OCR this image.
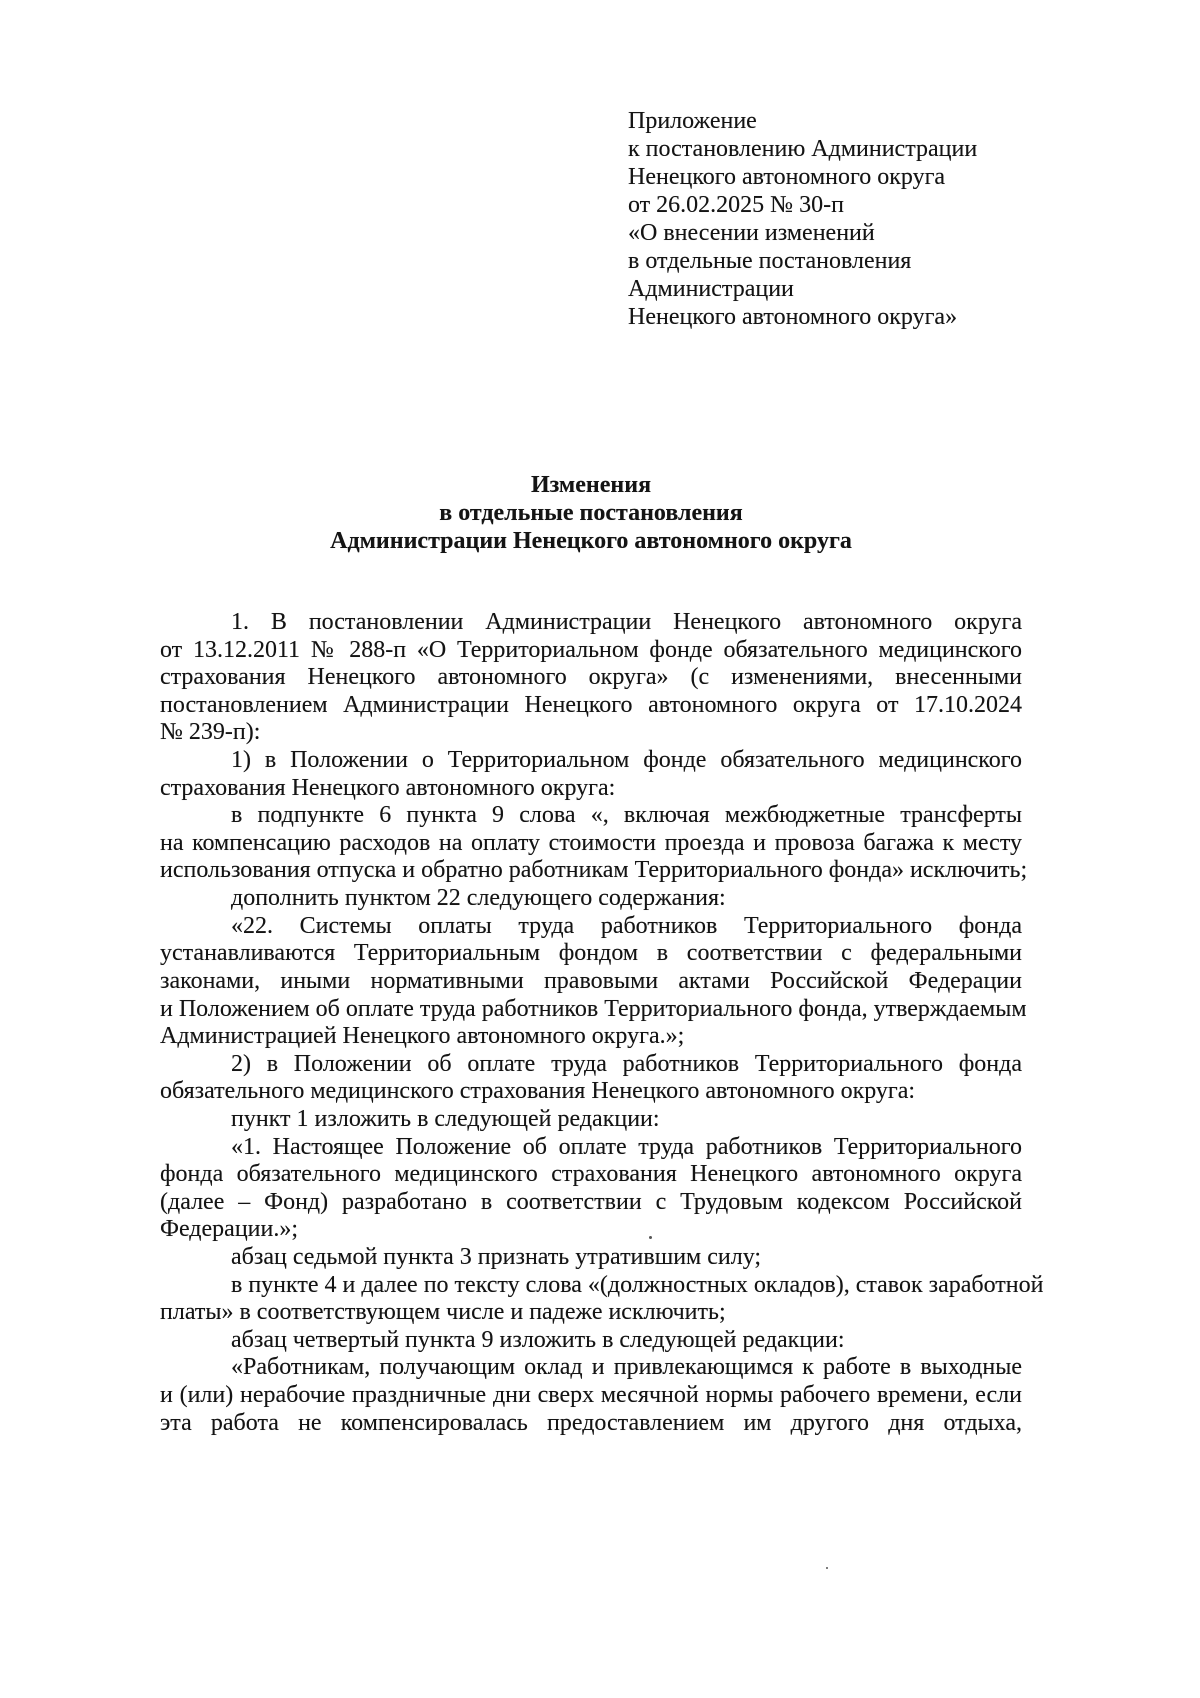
Приложение
к постановлению Администрации
Ненецкого автономного округа
от 26.02.2025 № 30-п
«О внесении изменений
в отдельные постановления
Администрации
Ненецкого автономного округа»
Изменения
в отдельные постановления
Администрации Ненецкого автономного округа
1. В постановлении Администрации Ненецкого автономного округа
от 13.12.2011 № 288-п «О Территориальном фонде обязательного медицинского
страхования Ненецкого автономного округа» (с изменениями, внесенными
постановлением Администрации Ненецкого автономного округа от 17.10.2024
№ 239-п):
1) в Положении о Территориальном фонде обязательного медицинского
страхования Ненецкого автономного округа:
в подпункте 6 пункта 9 слова «, включая межбюджетные трансферты
на компенсацию расходов на оплату стоимости проезда и провоза багажа к месту
использования отпуска и обратно работникам Территориального фонда» исключить;
дополнить пунктом 22 следующего содержания:
«22. Системы оплаты труда работников Территориального фонда
устанавливаются Территориальным фондом в соответствии с федеральными
законами, иными нормативными правовыми актами Российской Федерации
и Положением об оплате труда работников Территориального фонда, утверждаемым
Администрацией Ненецкого автономного округа.»;
2) в Положении об оплате труда работников Территориального фонда
обязательного медицинского страхования Ненецкого автономного округа:
пункт 1 изложить в следующей редакции:
«1. Настоящее Положение об оплате труда работников Территориального
фонда обязательного медицинского страхования Ненецкого автономного округа
(далее – Фонд) разработано в соответствии с Трудовым кодексом Российской
Федерации.»;
абзац седьмой пункта 3 признать утратившим силу;
в пункте 4 и далее по тексту слова «(должностных окладов), ставок заработной
платы» в соответствующем числе и падеже исключить;
абзац четвертый пункта 9 изложить в следующей редакции:
«Работникам, получающим оклад и привлекающимся к работе в выходные
и (или) нерабочие праздничные дни сверх месячной нормы рабочего времени, если
эта работа не компенсировалась предоставлением им другого дня отдыха,
